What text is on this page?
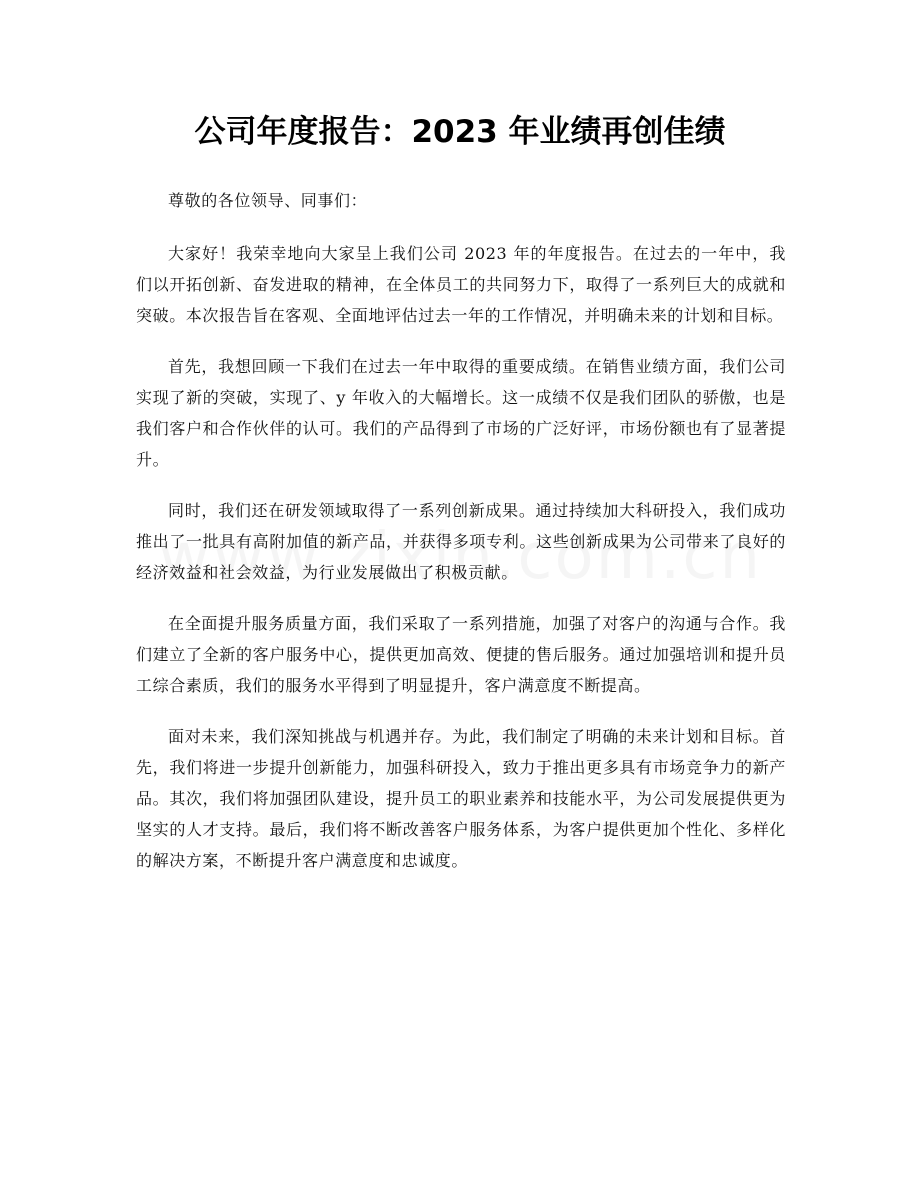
公司年度报告：2023 年业绩再创佳绩

尊敬的各位领导、同事们：

大家好！我荣幸地向大家呈上我们公司 2023 年的年度报告。在过去的一年中，我们以开拓创新、奋发进取的精神，在全体员工的共同努力下，取得了一系列巨大的成就和突破。本次报告旨在客观、全面地评估过去一年的工作情况，并明确未来的计划和目标。

首先，我想回顾一下我们在过去一年中取得的重要成绩。在销售业绩方面，我们公司实现了新的突破，实现了、y 年收入的大幅增长。这一成绩不仅是我们团队的骄傲，也是我们客户和合作伙伴的认可。我们的产品得到了市场的广泛好评，市场份额也有了显著提升。

同时，我们还在研发领域取得了一系列创新成果。通过持续加大科研投入，我们成功推出了一批具有高附加值的新产品，并获得多项专利。这些创新成果为公司带来了良好的经济效益和社会效益，为行业发展做出了积极贡献。

在全面提升服务质量方面，我们采取了一系列措施，加强了对客户的沟通与合作。我们建立了全新的客户服务中心，提供更加高效、便捷的售后服务。通过加强培训和提升员工综合素质，我们的服务水平得到了明显提升，客户满意度不断提高。

面对未来，我们深知挑战与机遇并存。为此，我们制定了明确的未来计划和目标。首先，我们将进一步提升创新能力，加强科研投入，致力于推出更多具有市场竞争力的新产品。其次，我们将加强团队建设，提升员工的职业素养和技能水平，为公司发展提供更为坚实的人才支持。最后，我们将不断改善客户服务体系，为客户提供更加个性化、多样化的解决方案，不断提升客户满意度和忠诚度。
